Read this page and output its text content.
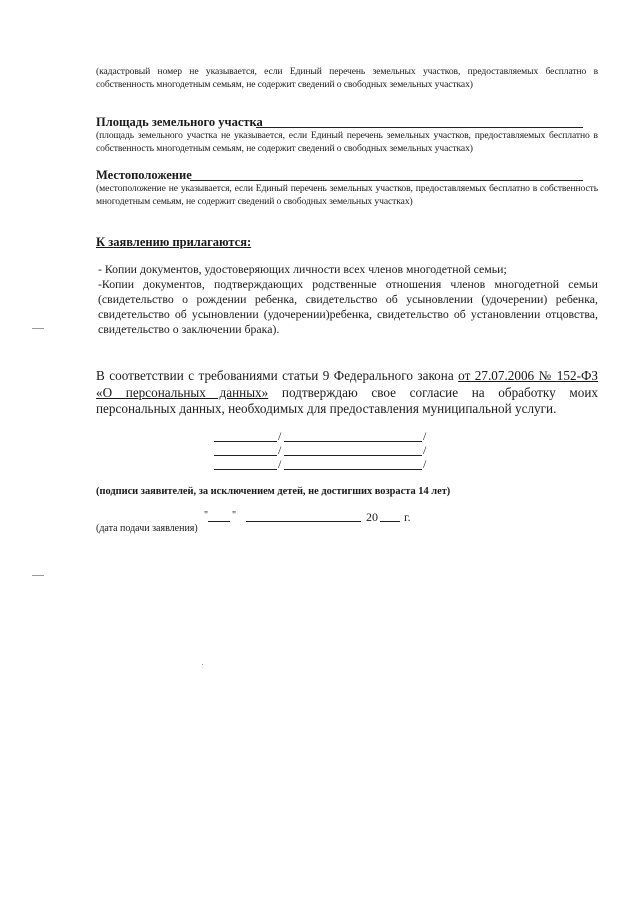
(кадастровый номер не указывается, если Единый перечень земельных участков, предоставляемых бесплатно в собственность многодетным семьям, не содержит сведений о свободных земельных участках)
Площадь земельного участка
(площадь земельного участка не указывается, если Единый перечень земельных участков, предоставляемых бесплатно в собственность многодетным семьям, не содержит сведений о свободных земельных участках)
Местоположение
(местоположение не указывается, если Единый перечень земельных участков, предоставляемых бесплатно в собственность многодетным семьям, не содержит сведений о свободных земельных участках)
К заявлению прилагаются:
- Копии документов, удостоверяющих личности всех членов многодетной семьи;
-Копии документов, подтверждающих родственные отношения членов многодетной семьи (свидетельство о рождении ребенка, свидетельство об усыновлении (удочерении) ребенка, свидетельство об усыновлении (удочерении)ребенка, свидетельство об установлении отцовства, свидетельство о заключении брака).
В соответствии с требованиями статьи 9 Федерального закона от 27.07.2006 № 152-ФЗ «О персональных данных» подтверждаю свое согласие на обработку моих персональных данных, необходимых для предоставления муниципальной услуги.
/	/
/	/
/	/
(подписи заявителей, за исключением детей, не достигших возраста 14 лет)
" "	20 г.
(дата подачи заявления)
